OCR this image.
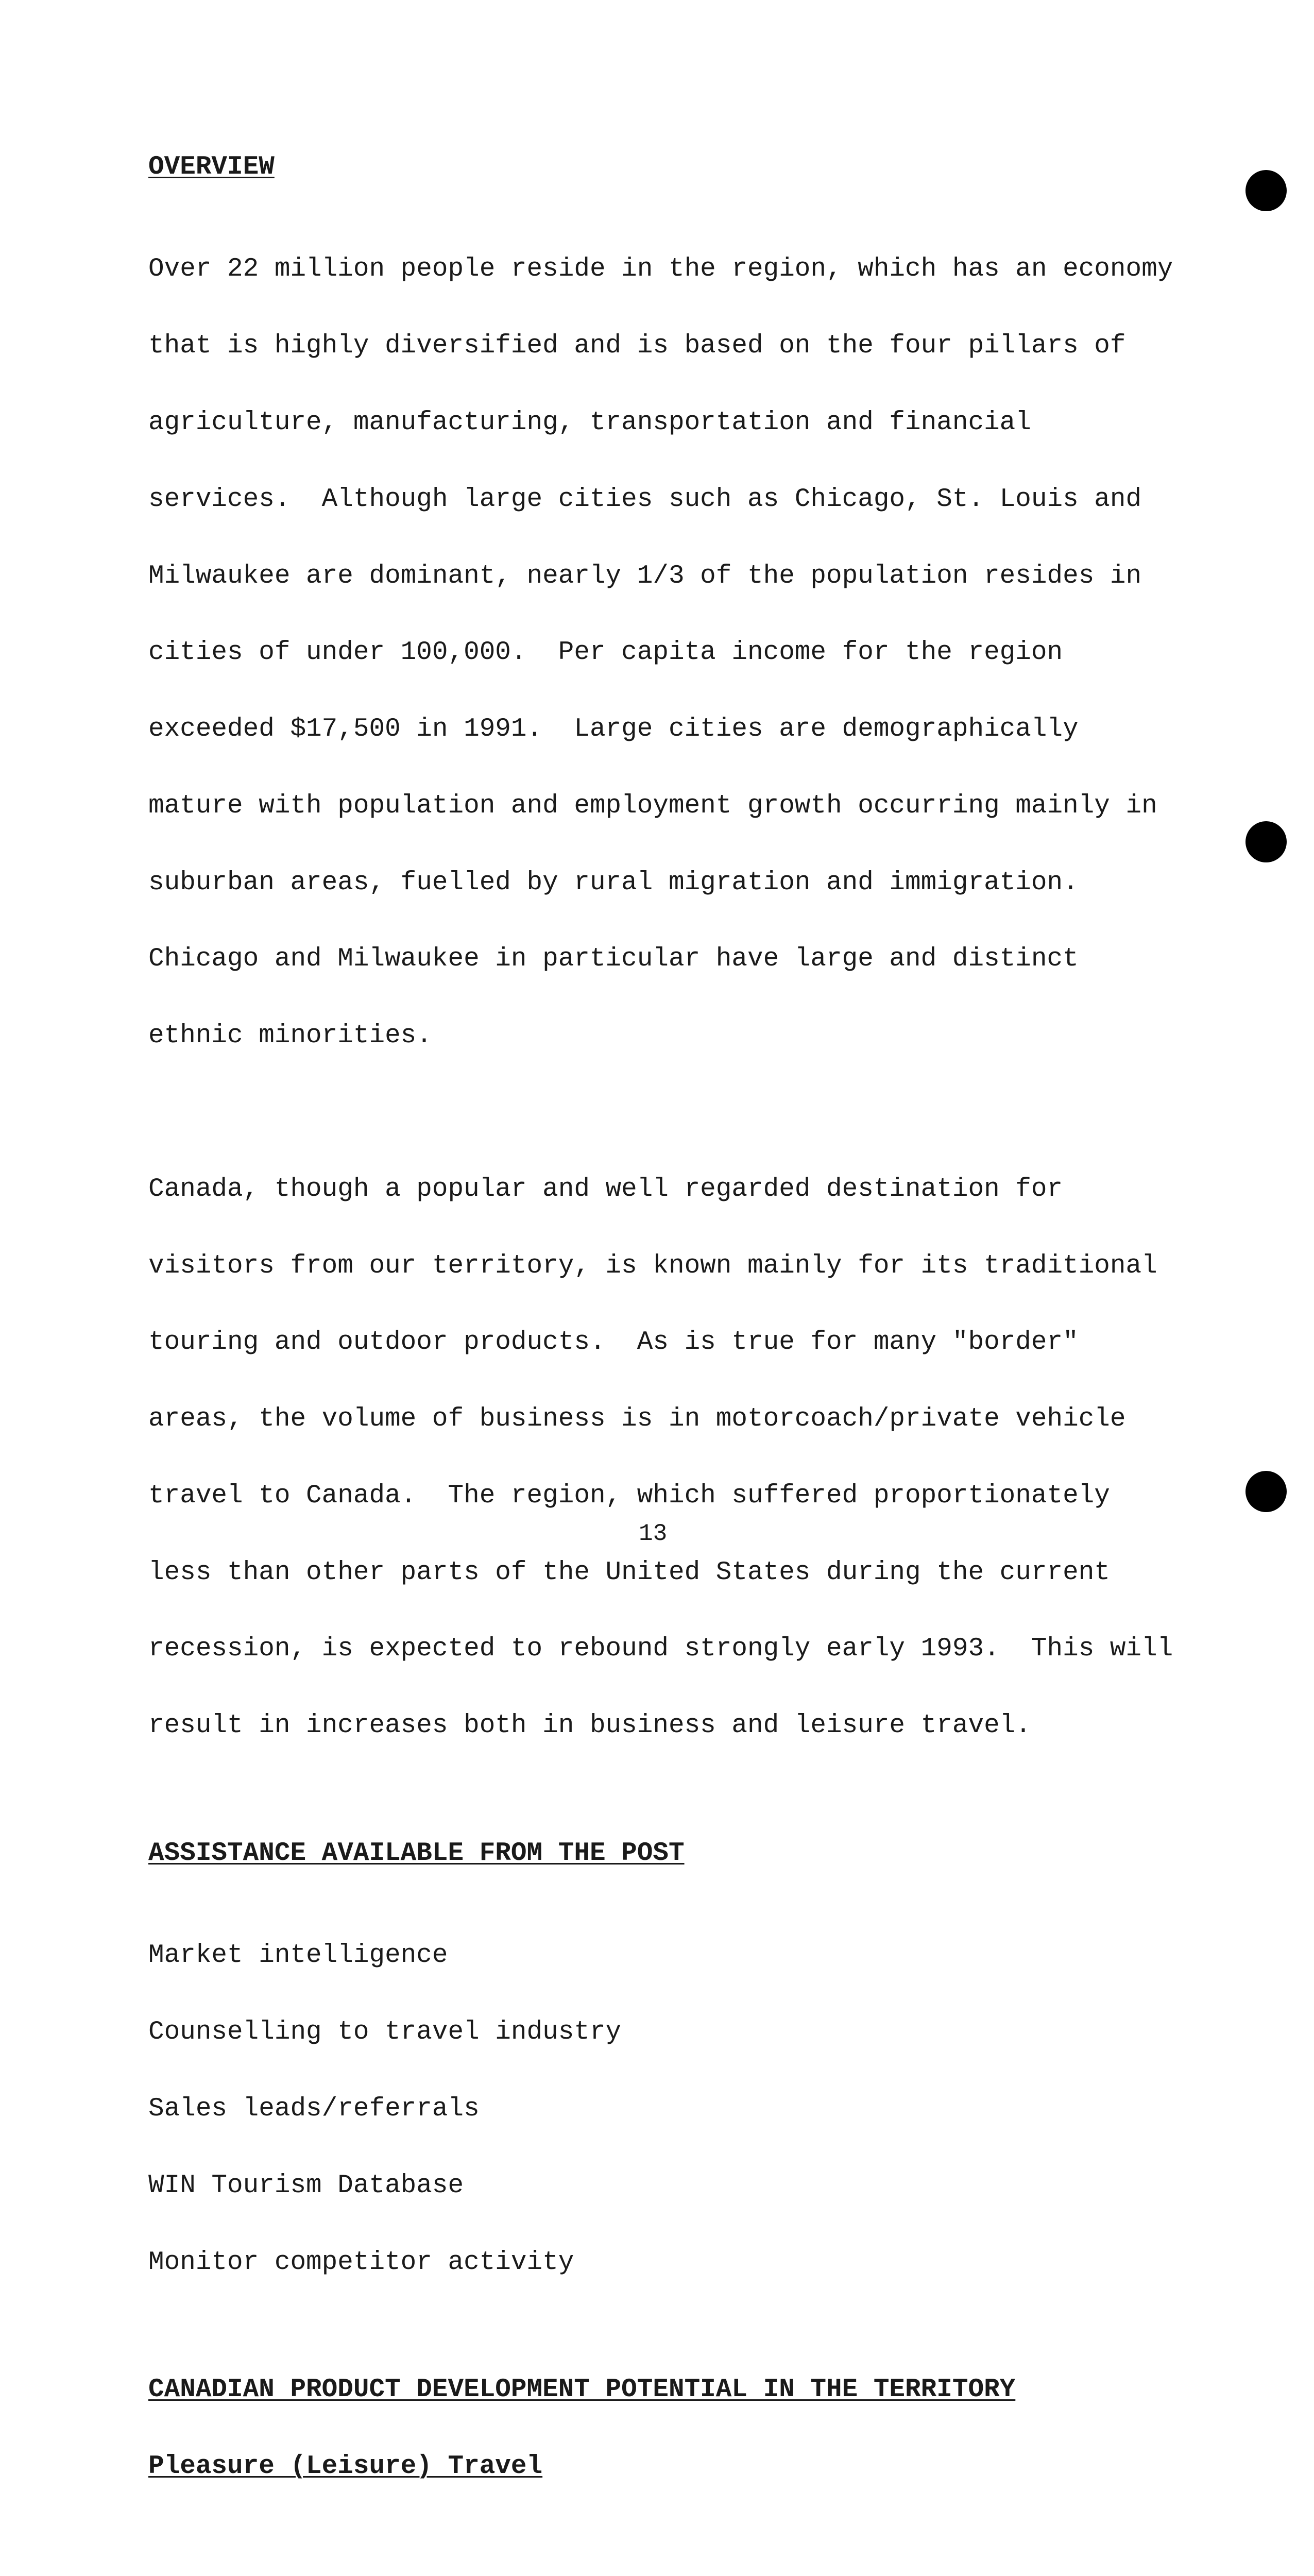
OVERVIEW

Over 22 million people reside in the region, which has an economy

that is highly diversified and is based on the four pillars of

agriculture, manufacturing, transportation and financial

services.  Although large cities such as Chicago, St. Louis and

Milwaukee are dominant, nearly 1/3 of the population resides in

cities of under 100,000.  Per capita income for the region

exceeded $17,500 in 1991.  Large cities are demographically

mature with population and employment growth occurring mainly in

suburban areas, fuelled by rural migration and immigration.

Chicago and Milwaukee in particular have large and distinct

ethnic minorities.

Canada, though a popular and well regarded destination for

visitors from our territory, is known mainly for its traditional

touring and outdoor products.  As is true for many "border"

areas, the volume of business is in motorcoach/private vehicle

travel to Canada.  The region, which suffered proportionately

less than other parts of the United States during the current

recession, is expected to rebound strongly early 1993.  This will

result in increases both in business and leisure travel.

ASSISTANCE AVAILABLE FROM THE POST

Market intelligence

Counselling to travel industry

Sales leads/referrals

WIN Tourism Database

Monitor competitor activity

CANADIAN PRODUCT DEVELOPMENT POTENTIAL IN THE TERRITORY
Pleasure (Leisure) Travel

13
